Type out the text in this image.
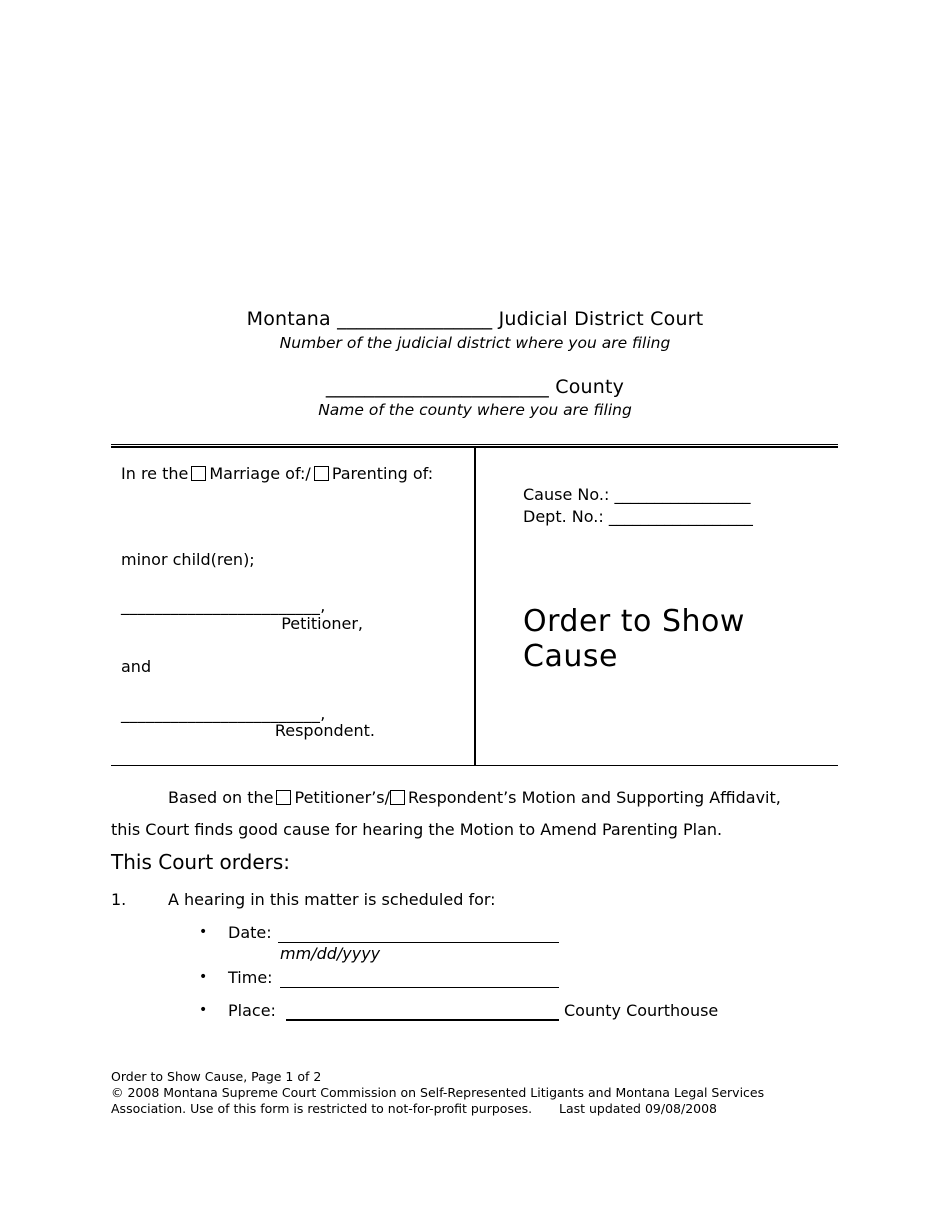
Montana ________________ Judicial District Court
Number of the judicial district where you are filing
_______________________ County
Name of the county where you are filing
In re the Marriage of:/ Parenting of:
minor child(ren);
________________________,
Petitioner,
and
________________________,
Respondent.
Cause No.: _________________
Dept. No.: __________________
Order to Show
Cause
Based on the Petitioner’s/ Respondent’s Motion and Supporting Affidavit,
this Court finds good cause for hearing the Motion to Amend Parenting Plan.
This Court orders:
1.	A hearing in this matter is scheduled for:
• Date:
mm/dd/yyyy
• Time:
• Place:	County Courthouse
Order to Show Cause, Page 1 of 2
© 2008 Montana Supreme Court Commission on Self-Represented Litigants and Montana Legal Services
Association. Use of this form is restricted to not-for-profit purposes. Last updated 09/08/2008
